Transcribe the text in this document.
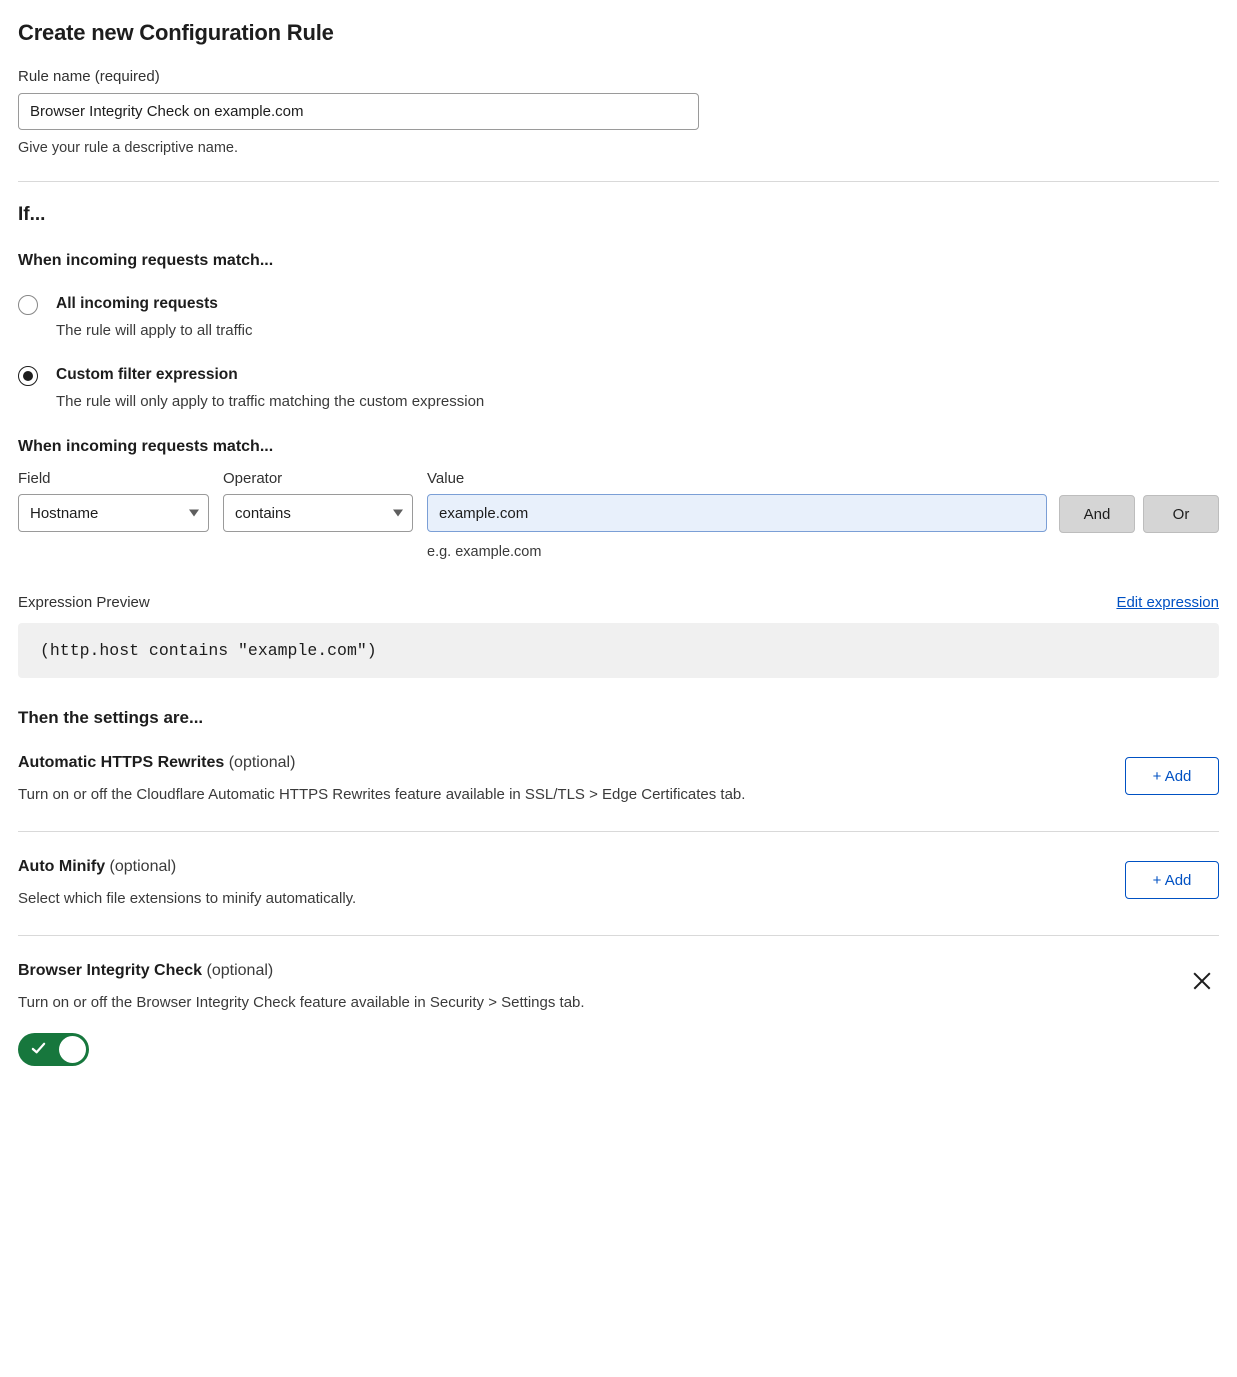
Create new Configuration Rule
Rule name (required)
Browser Integrity Check on example.com
Give your rule a descriptive name.
If...
When incoming requests match...
All incoming requests
The rule will apply to all traffic
Custom filter expression
The rule will only apply to traffic matching the custom expression
When incoming requests match...
Field
Hostname
Operator
contains
Value
example.com
e.g. example.com
And	Or
Expression Preview	Edit expression
(http.host contains "example.com")
Then the settings are...
Automatic HTTPS Rewrites (optional)
Turn on or off the Cloudflare Automatic HTTPS Rewrites feature available in SSL/TLS > Edge Certificates tab.
+ Add
Auto Minify (optional)
Select which file extensions to minify automatically.
+ Add
Browser Integrity Check (optional)
Turn on or off the Browser Integrity Check feature available in Security > Settings tab.
